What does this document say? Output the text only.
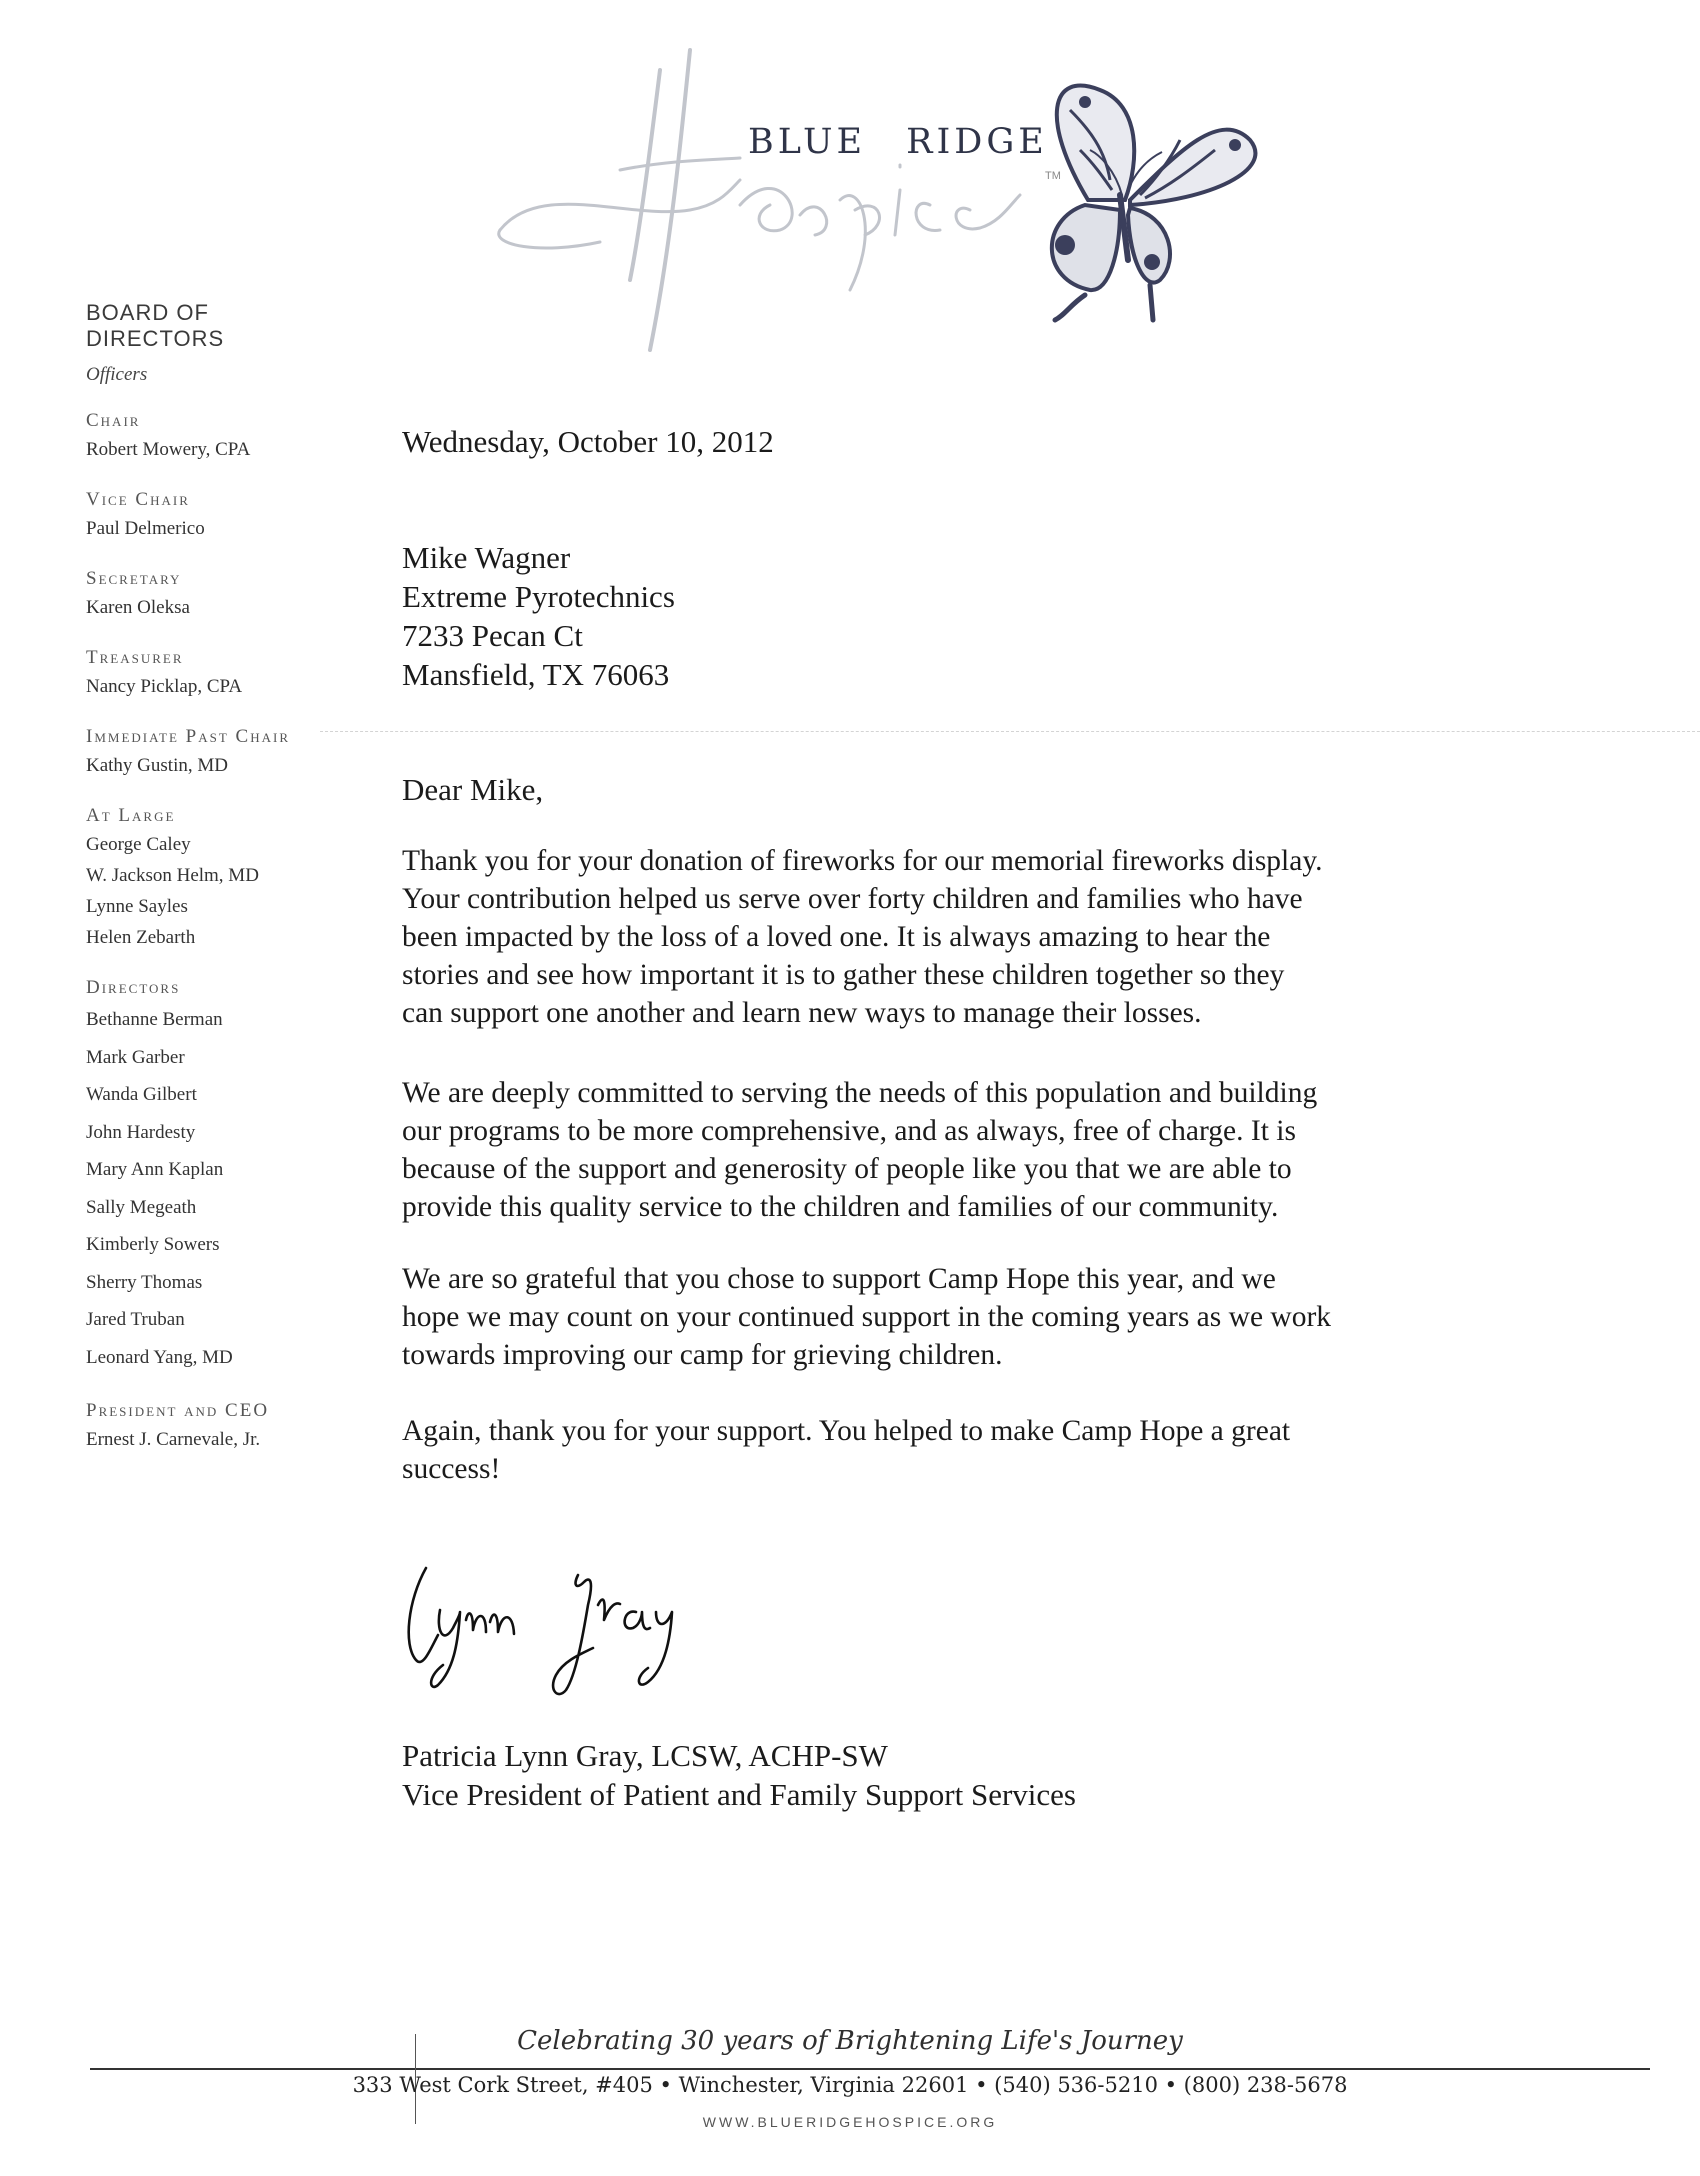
BLUE RIDGE
TM
BOARD OF DIRECTORS
Officers
Chair
Robert Mowery, CPA
Vice Chair
Paul Delmerico
Secretary
Karen Oleksa
Treasurer
Nancy Picklap, CPA
Immediate Past Chair
Kathy Gustin, MD
At Large
George Caley
W. Jackson Helm, MD
Lynne Sayles
Helen Zebarth
Directors
Bethanne Berman
Mark Garber
Wanda Gilbert
John Hardesty
Mary Ann Kaplan
Sally Megeath
Kimberly Sowers
Sherry Thomas
Jared Truban
Leonard Yang, MD
President and CEO
Ernest J. Carnevale, Jr.
Wednesday, October 10, 2012
Mike Wagner
Extreme Pyrotechnics
7233 Pecan Ct
Mansfield, TX 76063
Dear Mike,
Thank you for your donation of fireworks for our memorial fireworks display.
Your contribution helped us serve over forty children and families who have
been impacted by the loss of a loved one. It is always amazing to hear the
stories and see how important it is to gather these children together so they
can support one another and learn new ways to manage their losses.
We are deeply committed to serving the needs of this population and building
our programs to be more comprehensive, and as always, free of charge. It is
because of the support and generosity of people like you that we are able to
provide this quality service to the children and families of our community.
We are so grateful that you chose to support Camp Hope this year, and we
hope we may count on your continued support in the coming years as we work
towards improving our camp for grieving children.
Again, thank you for your support. You helped to make Camp Hope a great
success!
Patricia Lynn Gray, LCSW, ACHP-SW
Vice President of Patient and Family Support Services
Celebrating 30 years of Brightening Life's Journey
333 West Cork Street, #405 • Winchester, Virginia 22601 • (540) 536-5210 • (800) 238-5678
WWW.BLUERIDGEHOSPICE.ORG
